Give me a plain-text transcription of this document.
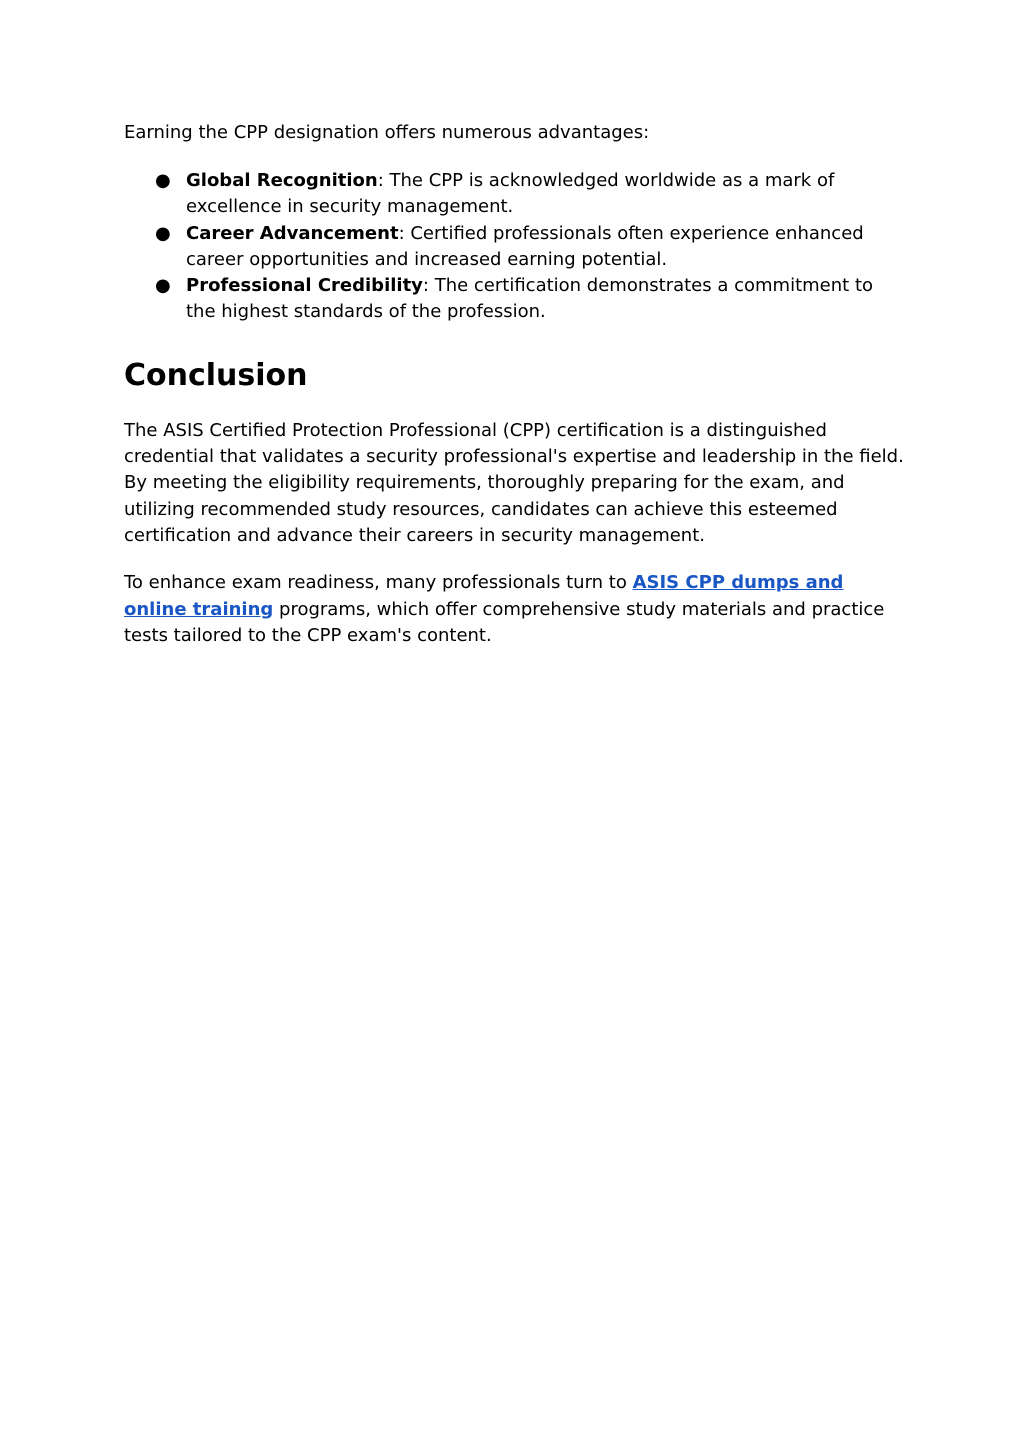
Earning the CPP designation offers numerous advantages:

● Global Recognition: The CPP is acknowledged worldwide as a mark of excellence in security management.
● Career Advancement: Certified professionals often experience enhanced career opportunities and increased earning potential.
● Professional Credibility: The certification demonstrates a commitment to the highest standards of the profession.
Conclusion

The ASIS Certified Protection Professional (CPP) certification is a distinguished credential that validates a security professional's expertise and leadership in the field. By meeting the eligibility requirements, thoroughly preparing for the exam, and utilizing recommended study resources, candidates can achieve this esteemed certification and advance their careers in security management.

To enhance exam readiness, many professionals turn to ASIS CPP dumps and online training programs, which offer comprehensive study materials and practice tests tailored to the CPP exam's content.
